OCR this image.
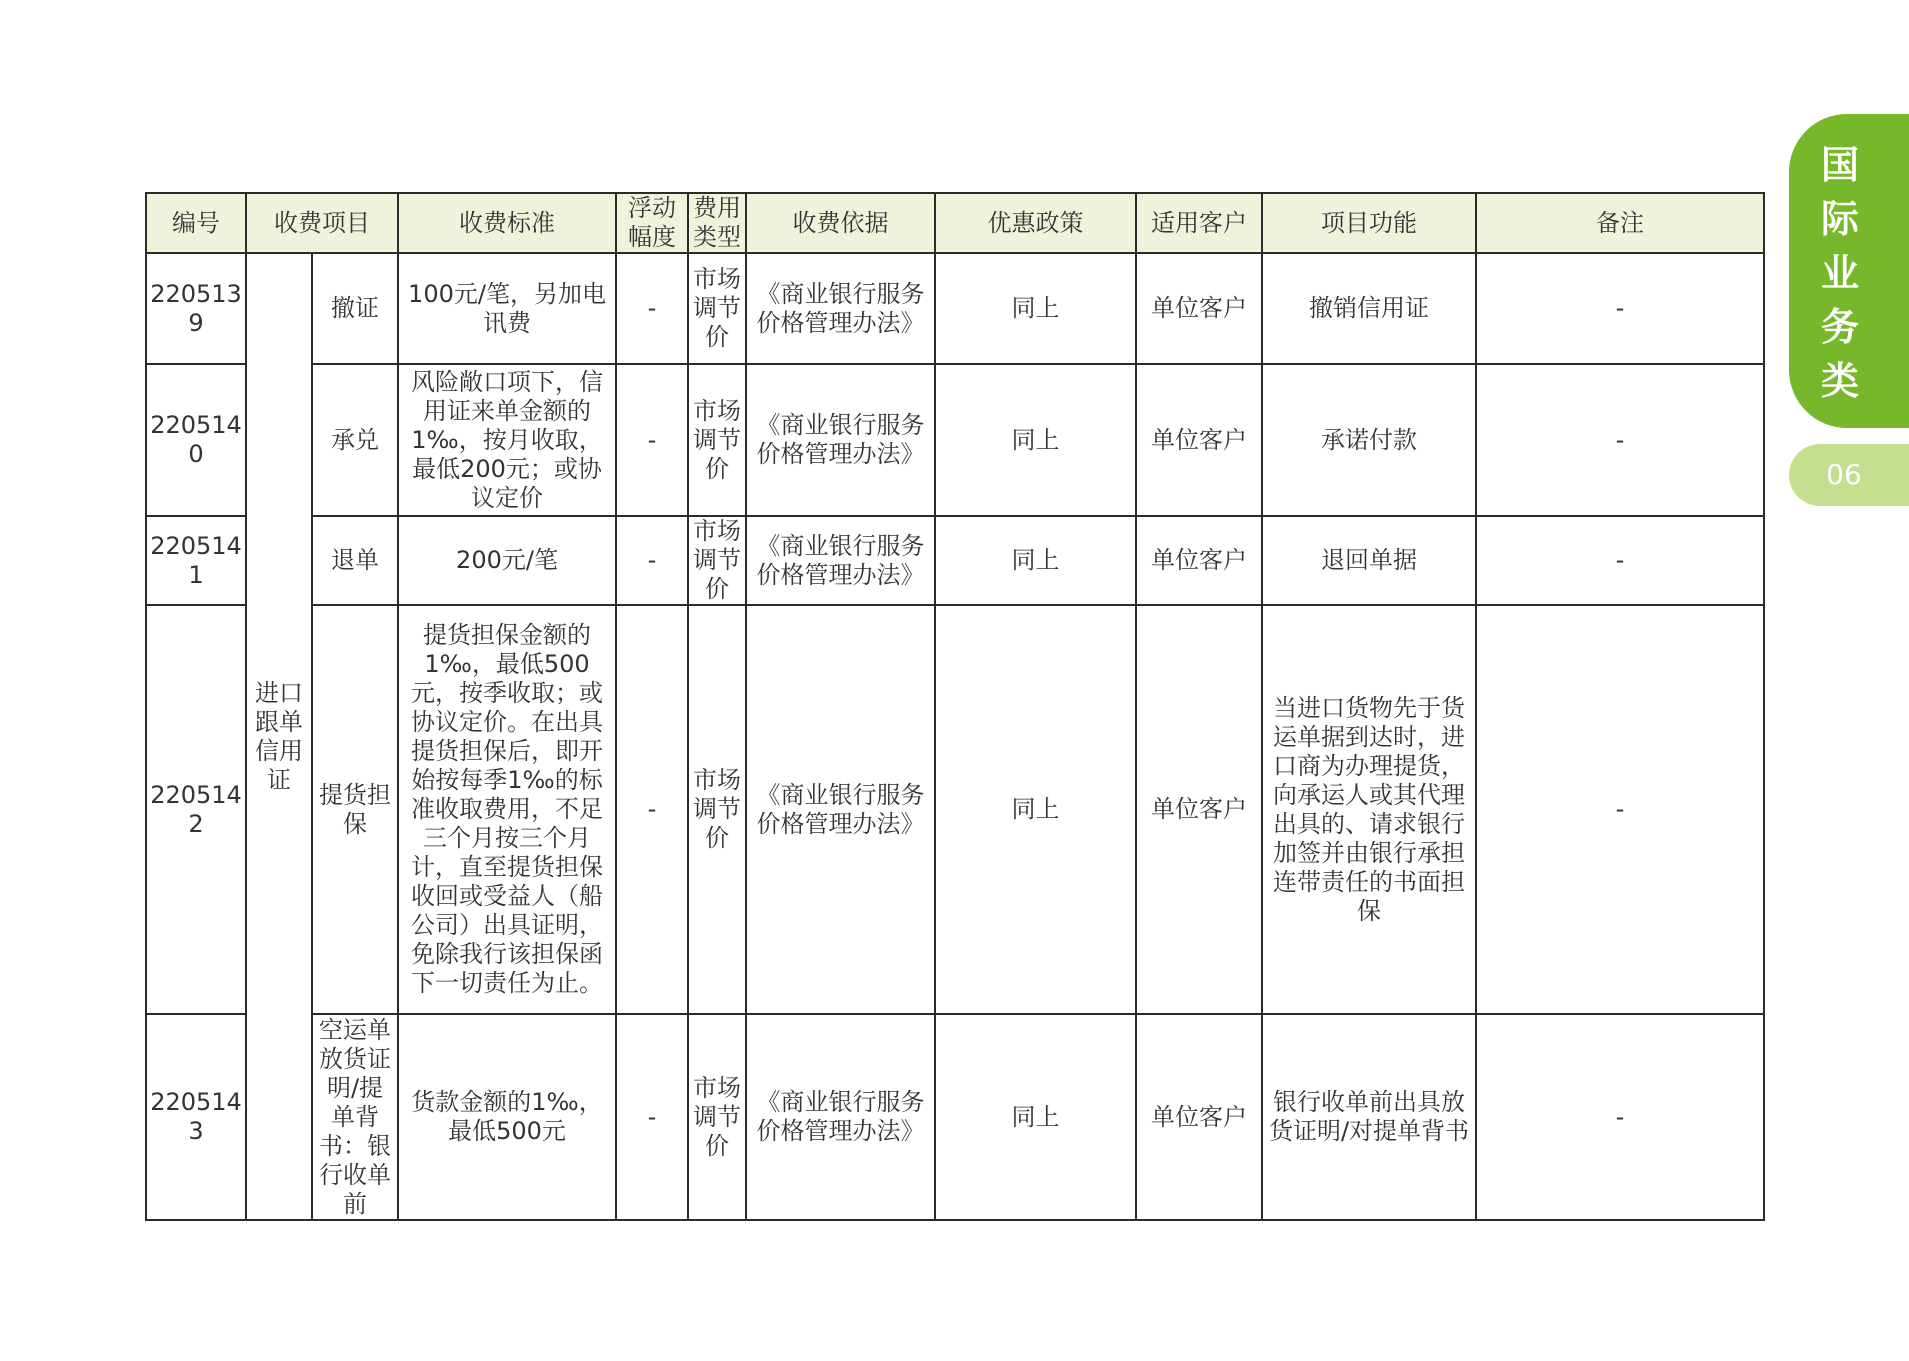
国际业务类
06
编号	收费项目		收费标准	浮动幅度	费用类型	收费依据	优惠政策	适用客户	项目功能	备注
2205139	进口跟单信用证	撤证	100元/笔，另加电讯费	-	市场调节价	《商业银行服务价格管理办法》	同上	单位客户	撤销信用证	-
2205140		承兑	风险敞口项下，信用证来单金额的1‰，按月收取，最低200元；或协议定价	-	市场调节价	《商业银行服务价格管理办法》	同上	单位客户	承诺付款	-
2205141		退单	200元/笔	-	市场调节价	《商业银行服务价格管理办法》	同上	单位客户	退回单据	-
2205142		提货担保	提货担保金额的1‰，最低500元，按季收取；或协议定价。在出具提货担保后，即开始按每季1‰的标准收取费用，不足三个月按三个月计，直至提货担保收回或受益人（船公司）出具证明，免除我行该担保函下一切责任为止。	-	市场调节价	《商业银行服务价格管理办法》	同上	单位客户	当进口货物先于货运单据到达时，进口商为办理提货，向承运人或其代理出具的、请求银行加签并由银行承担连带责任的书面担保	-
2205143		空运单放货证明/提单背书：银行收单前	货款金额的1‰，最低500元	-	市场调节价	《商业银行服务价格管理办法》	同上	单位客户	银行收单前出具放货证明/对提单背书	-
